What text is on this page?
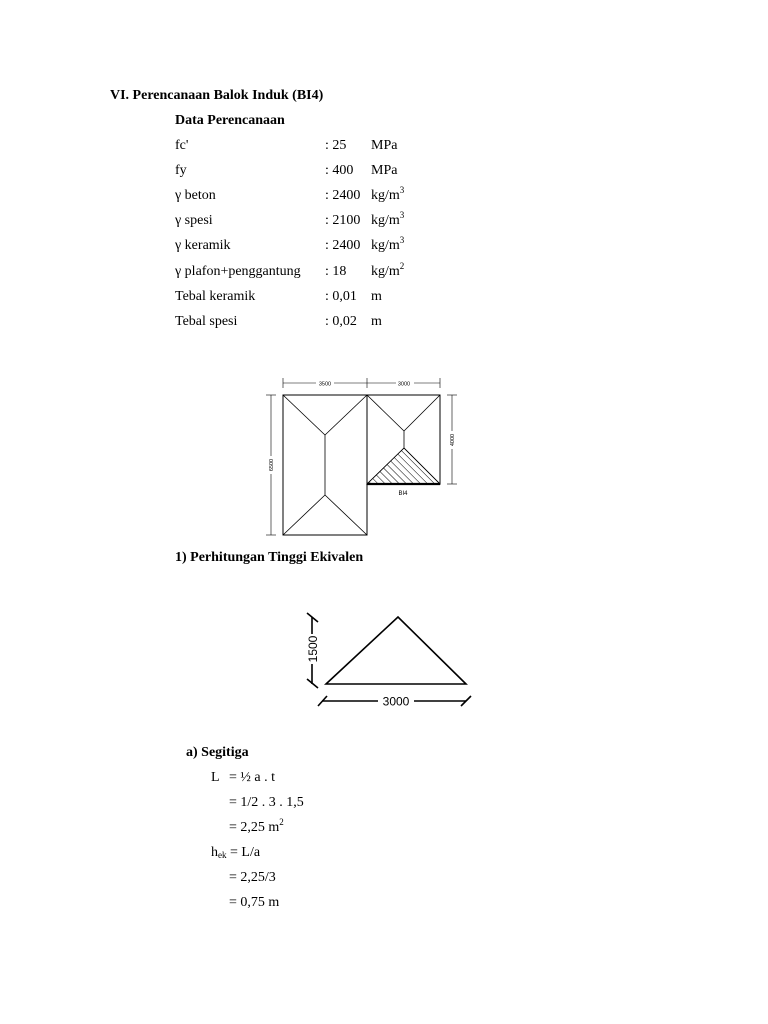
VI. Perencanaan Balok Induk (BI4)
Data Perencanaan
fc'	: 25 MPa
fy	: 400 MPa
γ beton	: 2400 $kg/m^3$
γ spesi	: 2100 $kg/m^3$
γ keramik	: 2400 $kg/m^3$
γ plafon+penggantung : 18 $kg/m^2$
Tebal keramik	: 0,01 m
Tebal spesi	: 0,02 m
3500	3000
6500
4000
BI4
1) Perhitungan Tinggi Ekivalen
1500
3000
a) Segitiga
L = ½ a . t
= 1/2 . 3 . 1,5
= 2,25 $m^2$
$h_{ek} = L/a$
= 2,25/3
= 0,75 m
